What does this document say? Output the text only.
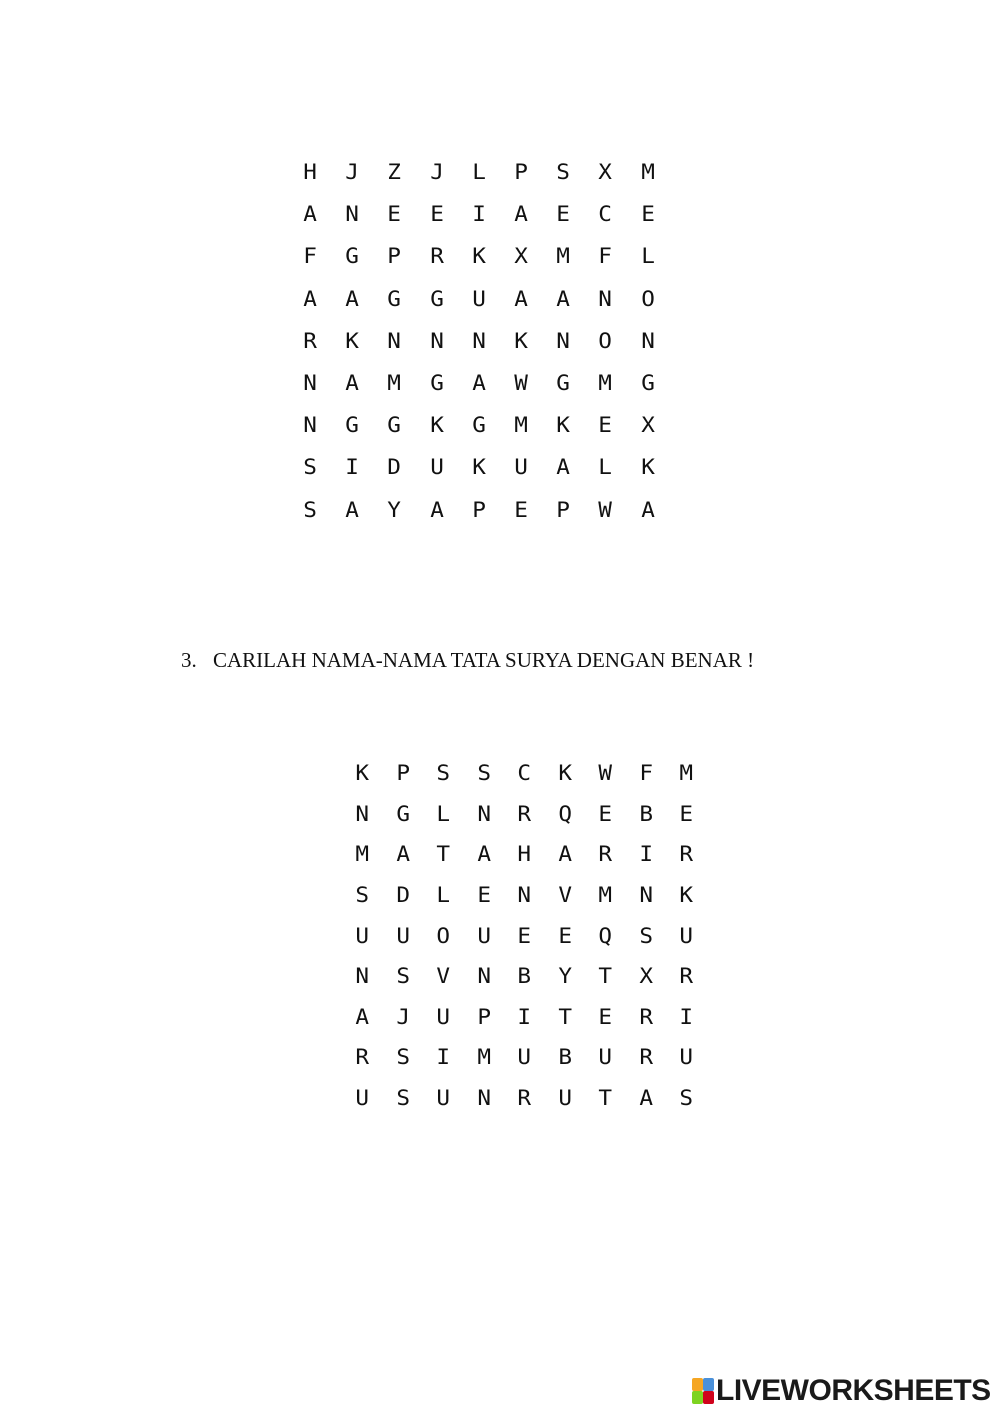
H	J	Z	J	L	P	S	X	M
A	N	E	E	I	A	E	C	E
F	G	P	R	K	X	M	F	L
A	A	G	G	U	A	A	N	O
R	K	N	N	N	K	N	O	N
N	A	M	G	A	W	G	M	G
N	G	G	K	G	M	K	E	X
S	I	D	U	K	U	A	L	K
S	A	Y	A	P	E	P	W	A
3. CARILAH NAMA-NAMA TATA SURYA DENGAN BENAR !
K	P	S	S	C	K	W	F	M
N	G	L	N	R	Q	E	B	E
M	A	T	A	H	A	R	I	R
S	D	L	E	N	V	M	N	K
U	U	O	U	E	E	Q	S	U
N	S	V	N	B	Y	T	X	R
A	J	U	P	I	T	E	R	I
R	S	I	M	U	B	U	R	U
U	S	U	N	R	U	T	A	S
LIVEWORKSHEETS
